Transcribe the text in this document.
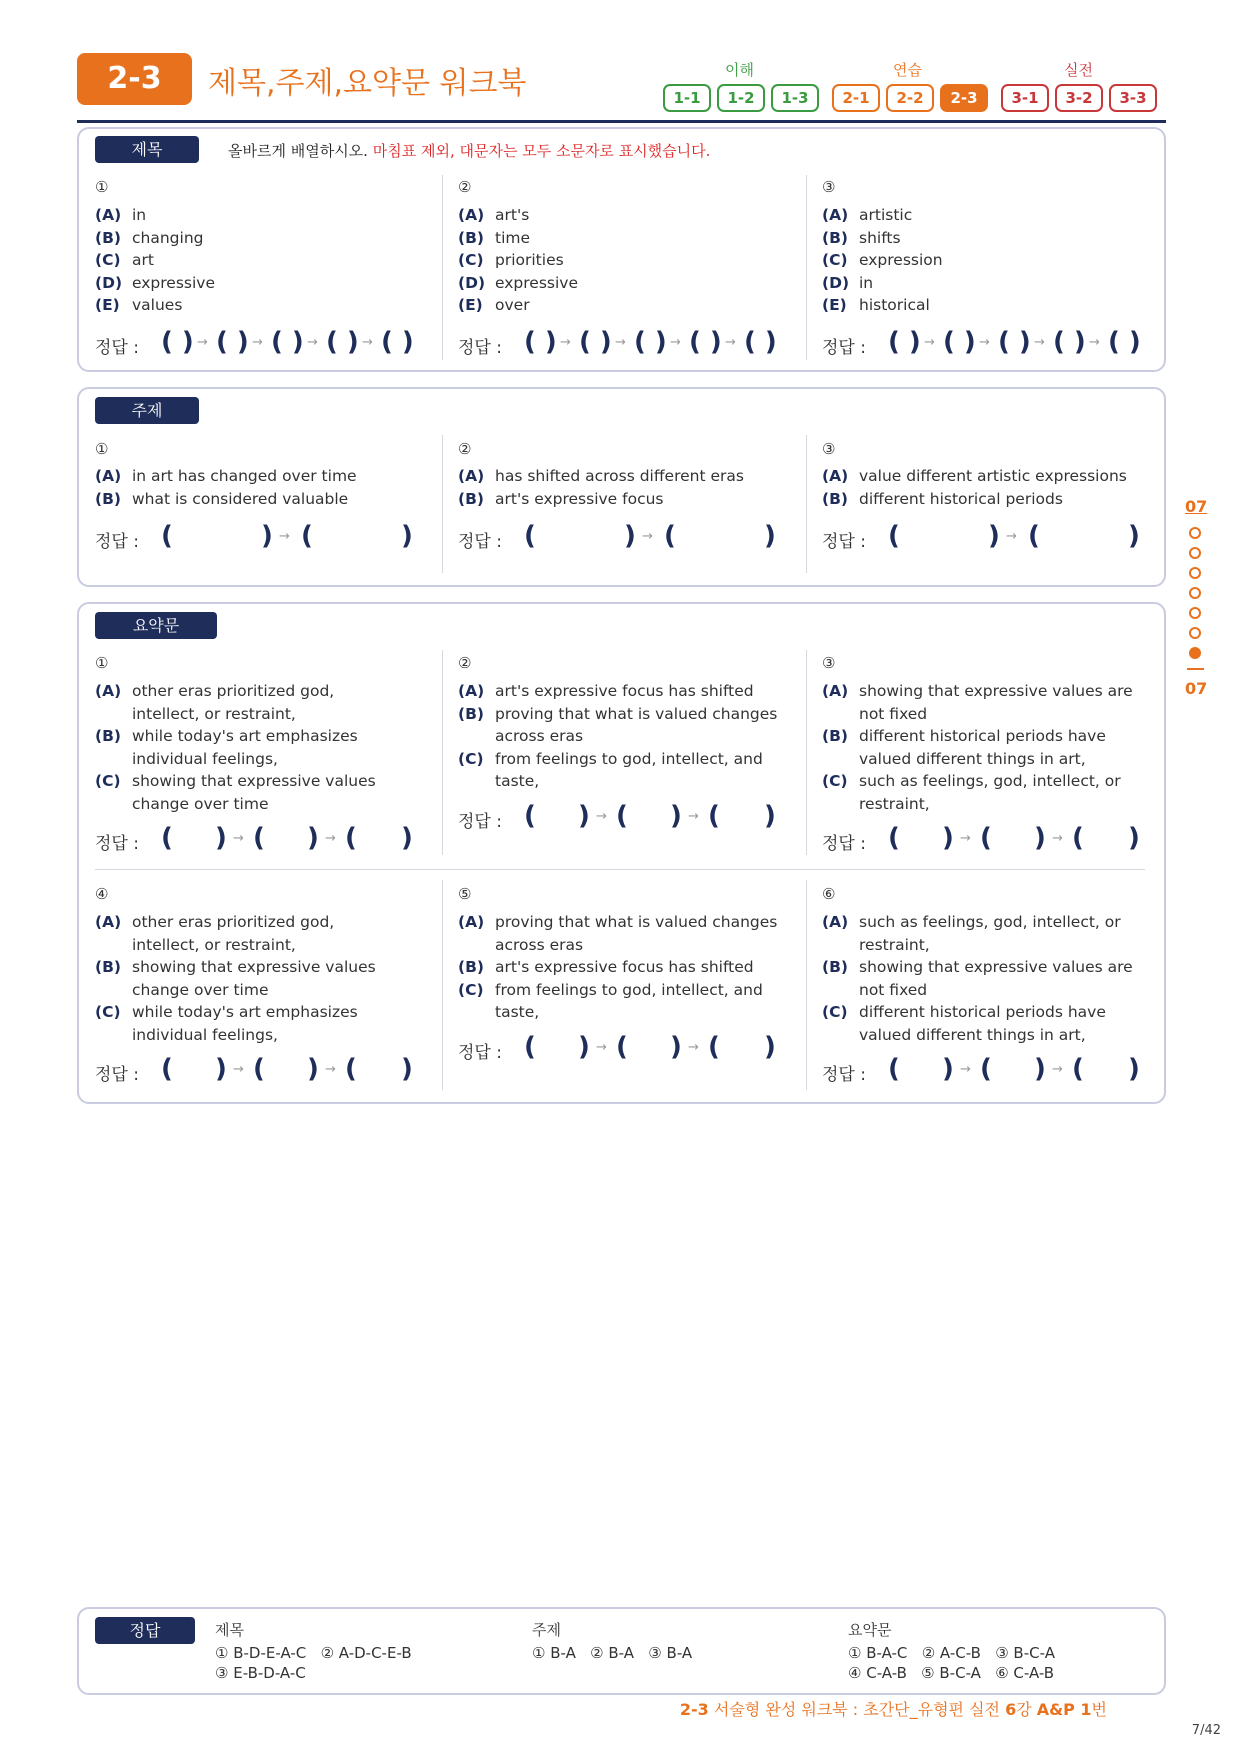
2-3	제목,주제,요약문 워크북	이해	연습	실전
1-1	1-2	1-3	2-1	2-2	2-3	3-1	3-2	3-3
제목	올바르게 배열하시오. 마침표 제외, 대문자는 모두 소문자로 표시했습니다.
①
(A) in
(B) changing
(C) art
(D) expressive
(E) values
정답 : ( ) → ( ) → ( ) → ( ) → ( )
②
(A) art's
(B) time
(C) priorities
(D) expressive
(E) over
정답 : ( ) → ( ) → ( ) → ( ) → ( )
③
(A) artistic
(B) shifts
(C) expression
(D) in
(E) historical
정답 : ( ) → ( ) → ( ) → ( ) → ( )
주제
①
(A) in art has changed over time
(B) what is considered valuable
정답 : (	) → (	)
②
(A) has shifted across different eras
(B) art's expressive focus
정답 : (	) → (	)
③
(A) value different artistic expressions
(B) different historical periods
정답 : (	) → (	)
요약문
①
(A) other eras prioritized god, intellect, or restraint,
(B) while today's art emphasizes individual feelings,
(C) showing that expressive values change over time
정답 : ( ) → ( ) → ( )
②
(A) art's expressive focus has shifted
(B) proving that what is valued changes across eras
(C) from feelings to god, intellect, and taste,
정답 : ( ) → ( ) → ( )
③
(A) showing that expressive values are not fixed
(B) different historical periods have valued different things in art,
(C) such as feelings, god, intellect, or restraint,
정답 : ( ) → ( ) → ( )
④
(A) other eras prioritized god, intellect, or restraint,
(B) showing that expressive values change over time
(C) while today's art emphasizes individual feelings,
정답 : ( ) → ( ) → ( )
⑤
(A) proving that what is valued changes across eras
(B) art's expressive focus has shifted
(C) from feelings to god, intellect, and taste,
정답 : ( ) → ( ) → ( )
⑥
(A) such as feelings, god, intellect, or restraint,
(B) showing that expressive values are not fixed
(C) different historical periods have valued different things in art,
정답 : ( ) → ( ) → ( )
07
07
정답	제목
① B-D-E-A-C   ② A-D-C-E-B
③ E-B-D-A-C
주제
① B-A   ② B-A   ③ B-A
요약문
① B-A-C   ② A-C-B   ③ B-C-A
④ C-A-B   ⑤ B-C-A   ⑥ C-A-B
2-3 서술형 완성 워크북 : 초간단_유형편 실전 6강 A&P 1번
7/42
